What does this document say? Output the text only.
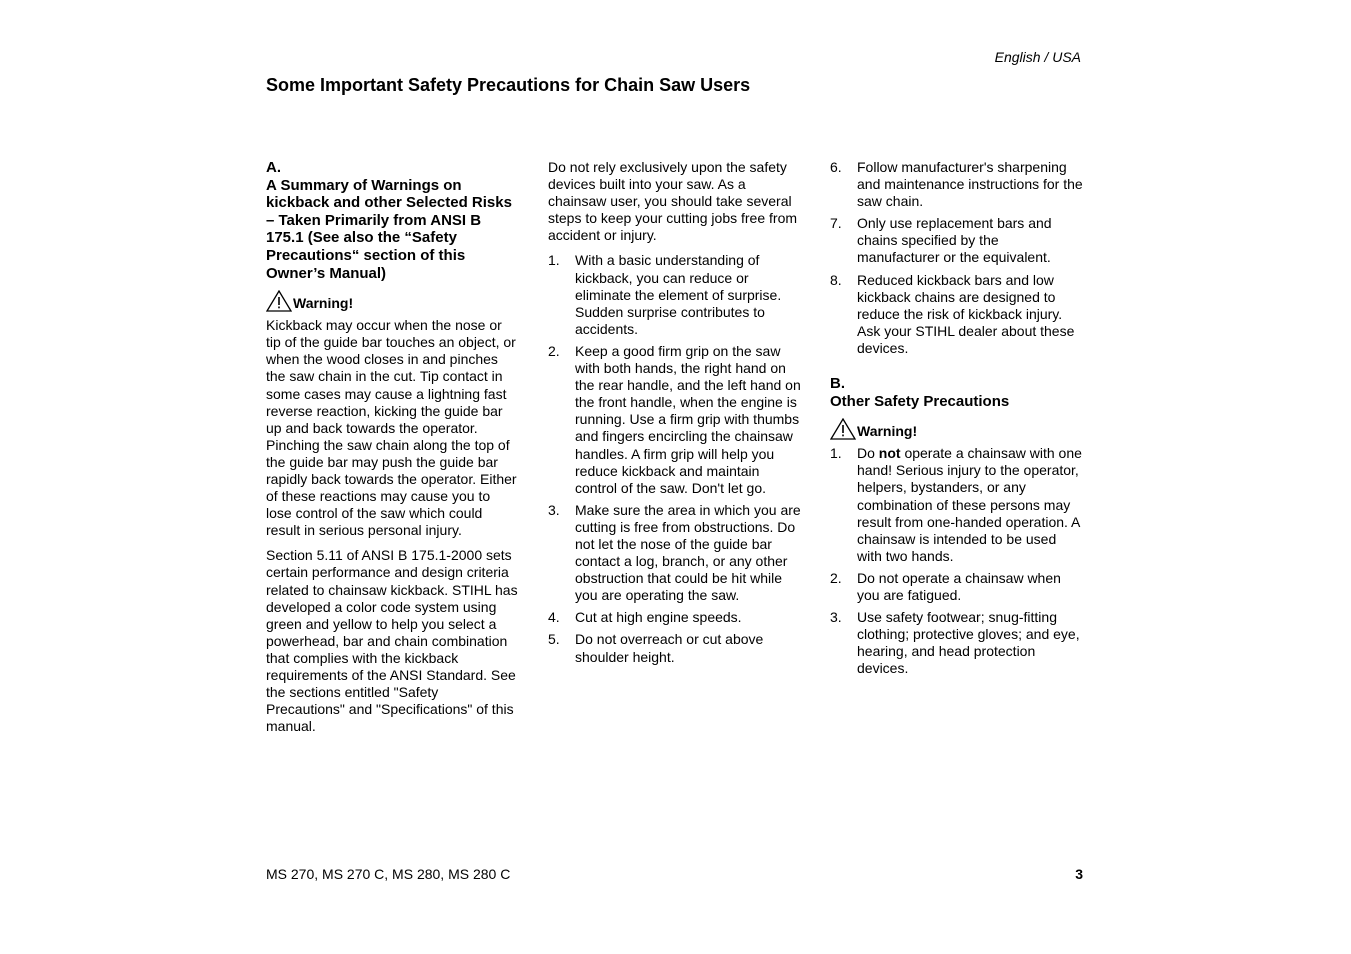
English / USA
Some Important Safety Precautions for Chain Saw Users
A.
A Summary of Warnings on kickback and other Selected Risks – Taken Primarily from ANSI B 175.1 (See also the “Safety Precautions“ section of this Owner’s Manual)
Warning!

Kickback may occur when the nose or tip of the guide bar touches an object, or when the wood closes in and pinches the saw chain in the cut. Tip contact in some cases may cause a lightning fast reverse reaction, kicking the guide bar up and back towards the operator. Pinching the saw chain along the top of the guide bar may push the guide bar rapidly back towards the operator. Either of these reactions may cause you to lose control of the saw which could result in serious personal injury.

Section 5.11 of ANSI B 175.1-2000 sets certain performance and design criteria related to chainsaw kickback. STIHL has developed a color code system using green and yellow to help you select a powerhead, bar and chain combination that complies with the kickback requirements of the ANSI Standard. See the sections entitled "Safety Precautions" and "Specifications" of this manual.

Do not rely exclusively upon the safety devices built into your saw. As a chainsaw user, you should take several steps to keep your cutting jobs free from accident or injury.

1. With a basic understanding of kickback, you can reduce or eliminate the element of surprise. Sudden surprise contributes to accidents.
2. Keep a good firm grip on the saw with both hands, the right hand on the rear handle, and the left hand on the front handle, when the engine is running. Use a firm grip with thumbs and fingers encircling the chainsaw handles. A firm grip will help you reduce kickback and maintain control of the saw. Don't let go.
3. Make sure the area in which you are cutting is free from obstructions. Do not let the nose of the guide bar contact a log, branch, or any other obstruction that could be hit while you are operating the saw.
4. Cut at high engine speeds.
5. Do not overreach or cut above shoulder height.
6. Follow manufacturer's sharpening and maintenance instructions for the saw chain.
7. Only use replacement bars and chains specified by the manufacturer or the equivalent.
8. Reduced kickback bars and low kickback chains are designed to reduce the risk of kickback injury. Ask your STIHL dealer about these devices.
B.
Other Safety Precautions
Warning!
1. Do not operate a chainsaw with one hand! Serious injury to the operator, helpers, bystanders, or any combination of these persons may result from one-handed operation. A chainsaw is intended to be used with two hands.
2. Do not operate a chainsaw when you are fatigued.
3. Use safety footwear; snug-fitting clothing; protective gloves; and eye, hearing, and head protection devices.
MS 270, MS 270 C, MS 280, MS 280 C	3
